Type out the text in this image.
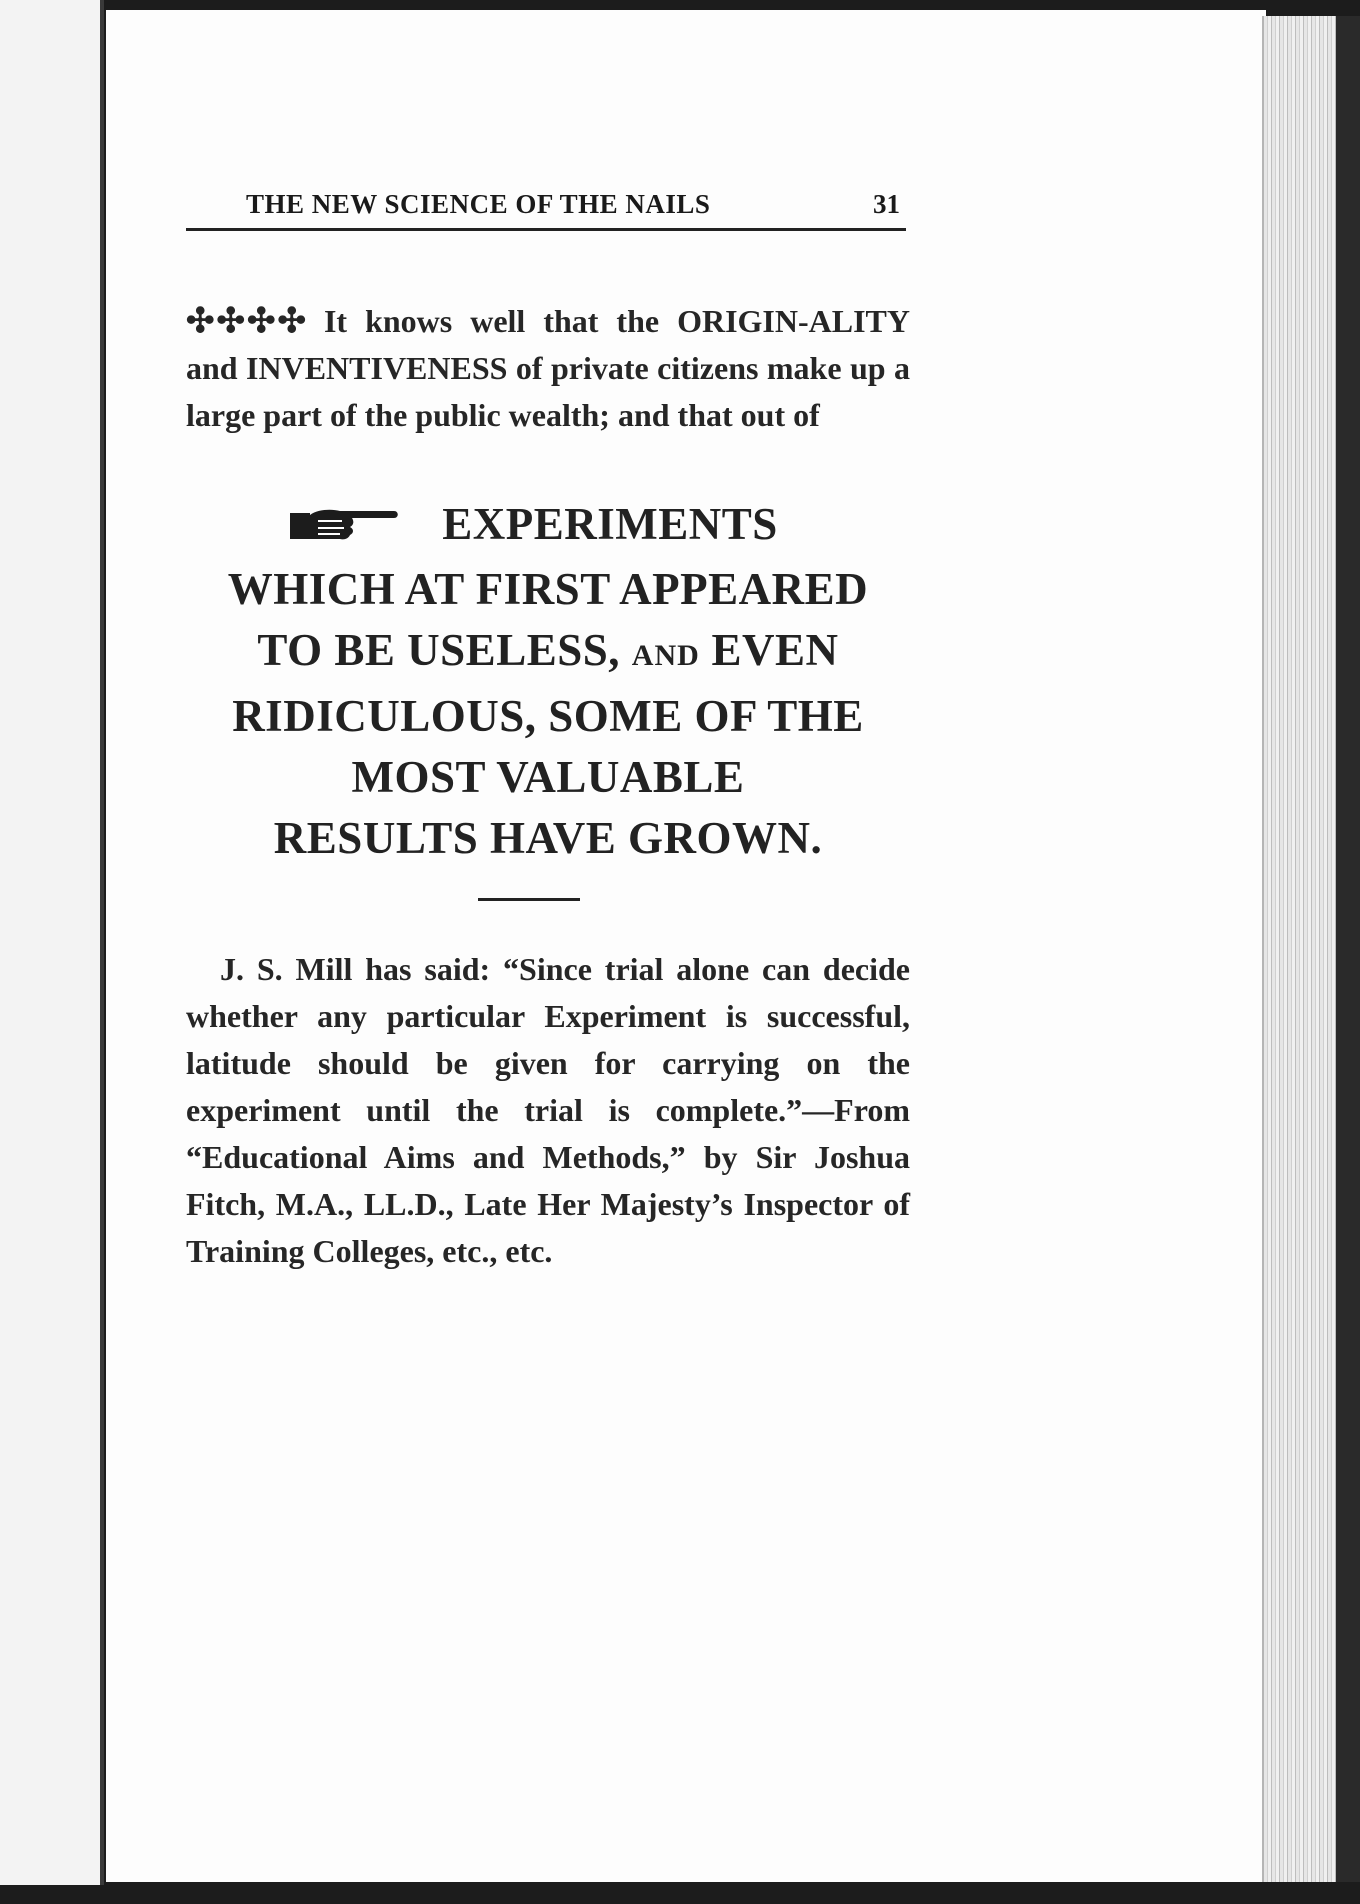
THE NEW SCIENCE OF THE NAILS	31
✣✣✣✣ It knows well that the ORIGIN-ALITY and INVENTIVENESS of private citizens make up a large part of the public wealth; and that out of
EXPERIMENTS
WHICH AT FIRST APPEARED
TO BE USELESS, AND EVEN
RIDICULOUS, SOME OF THE
MOST VALUABLE
RESULTS HAVE GROWN.
J. S. Mill has said: “Since trial alone can decide whether any particular Experiment is successful, latitude should be given for carrying on the experiment until the trial is complete.”—From “Educational Aims and Methods,” by Sir Joshua Fitch, M.A., LL.D., Late Her Majesty’s Inspector of Training Colleges, etc., etc.
